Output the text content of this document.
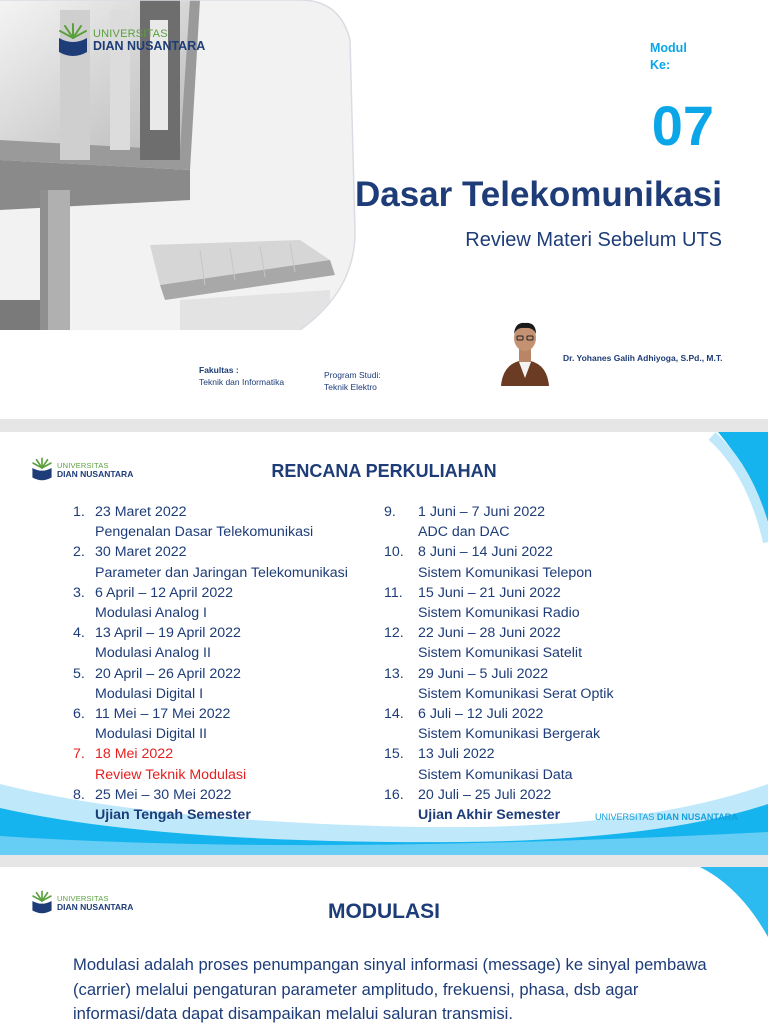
UNIVERSITAS
DIAN NUSANTARA	Modul
Ke:
07
Dasar Telekomunikasi
Review Materi Sebelum UTS
Dr. Yohanes Galih Adhiyoga, S.Pd., M.T.
Fakultas :
Teknik dan Informatika
Program Studi:
Teknik Elektro
UNIVERSITAS
DIAN NUSANTARA	RENCANA PERKULIAHAN
1. 23 Maret 2022
Pengenalan Dasar Telekomunikasi
2. 30 Maret 2022
Parameter dan Jaringan Telekomunikasi
3. 6 April – 12 April 2022
Modulasi Analog I
4. 13 April – 19 April 2022
Modulasi Analog II
5. 20 April – 26 April 2022
Modulasi Digital I
6. 11 Mei – 17 Mei 2022
Modulasi Digital II
7. 18 Mei 2022
Review Teknik Modulasi
8. 25 Mei – 30 Mei 2022
Ujian Tengah Semester
9. 1 Juni – 7 Juni 2022
ADC dan DAC
10. 8 Juni – 14 Juni 2022
Sistem Komunikasi Telepon
11. 15 Juni – 21 Juni 2022
Sistem Komunikasi Radio
12. 22 Juni – 28 Juni 2022
Sistem Komunikasi Satelit
13. 29 Juni – 5 Juli 2022
Sistem Komunikasi Serat Optik
14. 6 Juli – 12 Juli 2022
Sistem Komunikasi Bergerak
15. 13 Juli 2022
Sistem Komunikasi Data
16. 20 Juli – 25 Juli 2022
Ujian Akhir Semester	UNIVERSITAS DIAN NUSANTARA
UNIVERSITAS
DIAN NUSANTARA	MODULASI
Modulasi adalah proses penumpangan sinyal informasi (message) ke sinyal pembawa (carrier) melalui pengaturan parameter amplitudo, frekuensi, phasa, dsb agar informasi/data dapat disampaikan melalui saluran transmisi.
